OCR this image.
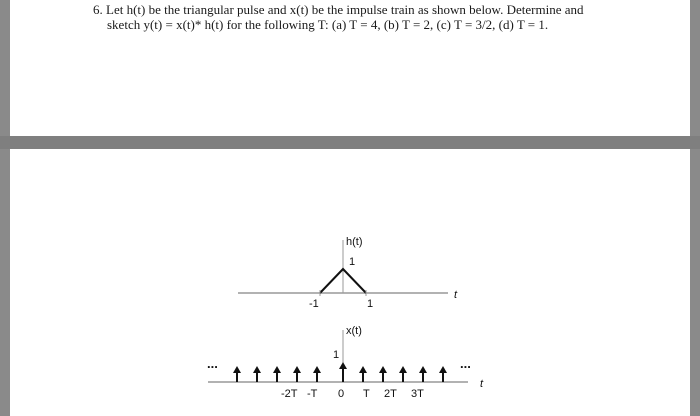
6. Let h(t) be the triangular pulse and x(t) be the impulse train as shown below. Determine and
sketch y(t) = x(t)* h(t) for the following T: (a) T = 4, (b) T = 2, (c) T = 3/2, (d) T = 1.
h(t)
1
-1	1
t
x(t)
1
...	...
t
-2T -T 0 T 2T 3T
